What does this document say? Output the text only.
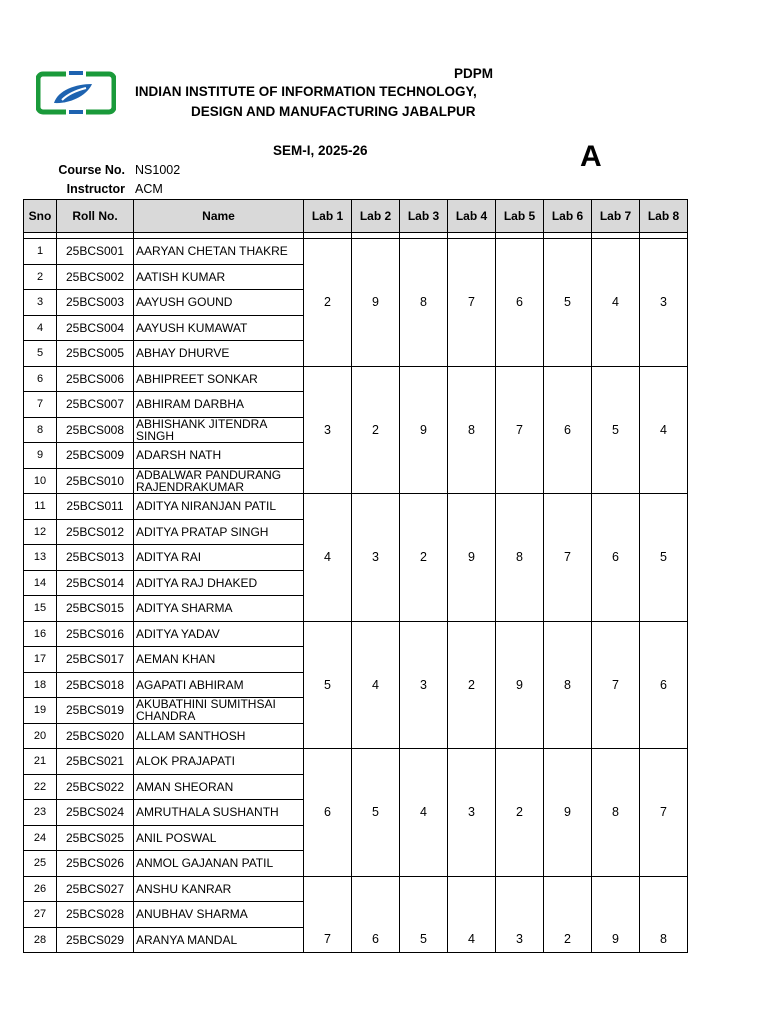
PDPM
INDIAN INSTITUTE OF INFORMATION TECHNOLOGY,
DESIGN AND MANUFACTURING JABALPUR
SEM-I, 2025-26	A
Course No. NS1002
Instructor ACM
Sno	Roll No.	Name	Lab 1	Lab 2	Lab 3	Lab 4	Lab 5	Lab 6	Lab 7	Lab 8

1	25BCS001	AARYAN CHETAN THAKRE	2	9	8	7	6	5	4	3
2	25BCS002	AATISH KUMAR								
3	25BCS003	AAYUSH GOUND								
4	25BCS004	AAYUSH KUMAWAT								
5	25BCS005	ABHAY DHURVE								
6	25BCS006	ABHIPREET SONKAR	3	2	9	8	7	6	5	4
7	25BCS007	ABHIRAM DARBHA								
8	25BCS008	ABHISHANK JITENDRA SINGH								
9	25BCS009	ADARSH NATH								
10	25BCS010	ADBALWAR PANDURANG RAJENDRAKUMAR								
11	25BCS011	ADITYA NIRANJAN PATIL	4	3	2	9	8	7	6	5
12	25BCS012	ADITYA PRATAP SINGH								
13	25BCS013	ADITYA RAI								
14	25BCS014	ADITYA RAJ DHAKED								
15	25BCS015	ADITYA SHARMA								
16	25BCS016	ADITYA YADAV	5	4	3	2	9	8	7	6
17	25BCS017	AEMAN KHAN								
18	25BCS018	AGAPATI ABHIRAM								
19	25BCS019	AKUBATHINI SUMITHSAI CHANDRA								
20	25BCS020	ALLAM SANTHOSH								
21	25BCS021	ALOK PRAJAPATI	6	5	4	3	2	9	8	7
22	25BCS022	AMAN SHEORAN								
23	25BCS024	AMRUTHALA SUSHANTH								
24	25BCS025	ANIL POSWAL								
25	25BCS026	ANMOL GAJANAN PATIL								
26	25BCS027	ANSHU KANRAR	7	6	5	4	3	2	9	8
27	25BCS028	ANUBHAV SHARMA								
28	25BCS029	ARANYA MANDAL								
